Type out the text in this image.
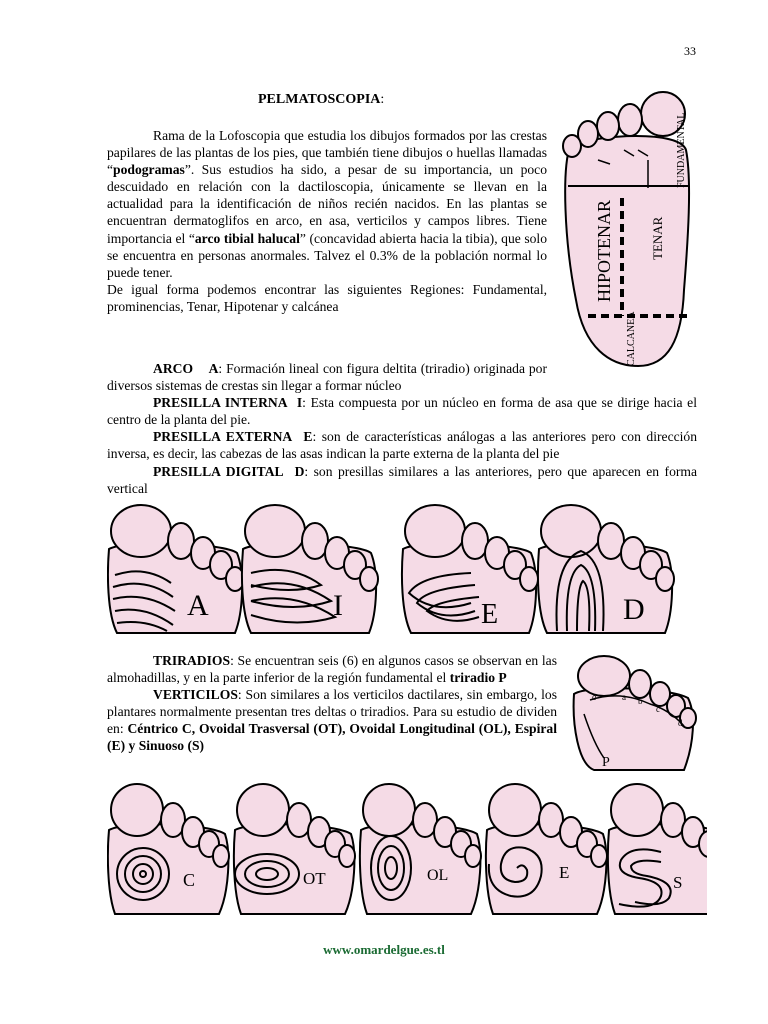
33
PELMATOSCOPIA:
Rama de la Lofoscopia que estudia los dibujos formados por las crestas papilares de las plantas de los pies, que también tiene dibujos o huellas llamadas “podogramas”. Sus estudios ha sido, a pesar de su importancia, un poco descuidado en relación con la dactiloscopia, únicamente se llevan en la actualidad para la identificación de niños recién nacidos. En las plantas se encuentran dermatoglifos en arco, en asa, verticilos y campos libres. Tiene importancia el “arco tibial halucal” (concavidad abierta hacia la tibia), que solo se encuentra en personas anormales. Talvez el 0.3% de la población normal lo puede tener.
De igual forma podemos encontrar las siguientes Regiones: Fundamental, prominencias, Tenar, Hipotenar y calcánea
FUNDAMENTAL
TENAR
HIPOTENAR
CALCANEA
ARCO A: Formación lineal con figura deltita (triradio) originada por diversos sistemas de crestas sin llegar a formar núcleo
PRESILLA INTERNA I: Esta compuesta por un núcleo en forma de asa que se dirige hacia el centro de la planta del pie.
PRESILLA EXTERNA E: son de características análogas a las anteriores pero con dirección inversa, es decir, las cabezas de las asas indican la parte externa de la planta del pie
PRESILLA DIGITAL D: son presillas similares a las anteriores, pero que aparecen en forma vertical
A	I	E	D
TRIRADIOS: Se encuentran seis (6) en algunos casos se observan en las almohadillas, y en la parte inferior de la región fundamental el triradio P
VERTICILOS: Son similares a los verticilos dactilares, sin embargo, los plantares normalmente presentan tres deltas o triradios. Para su estudio de dividen en: Céntrico C, Ovoidal Trasversal (OT), Ovoidal Longitudinal (OL), Espiral (E) y Sinuoso (S)
a b
c
d
o
P
C	OT	OL	E
S
www.omardelgue.es.tl
